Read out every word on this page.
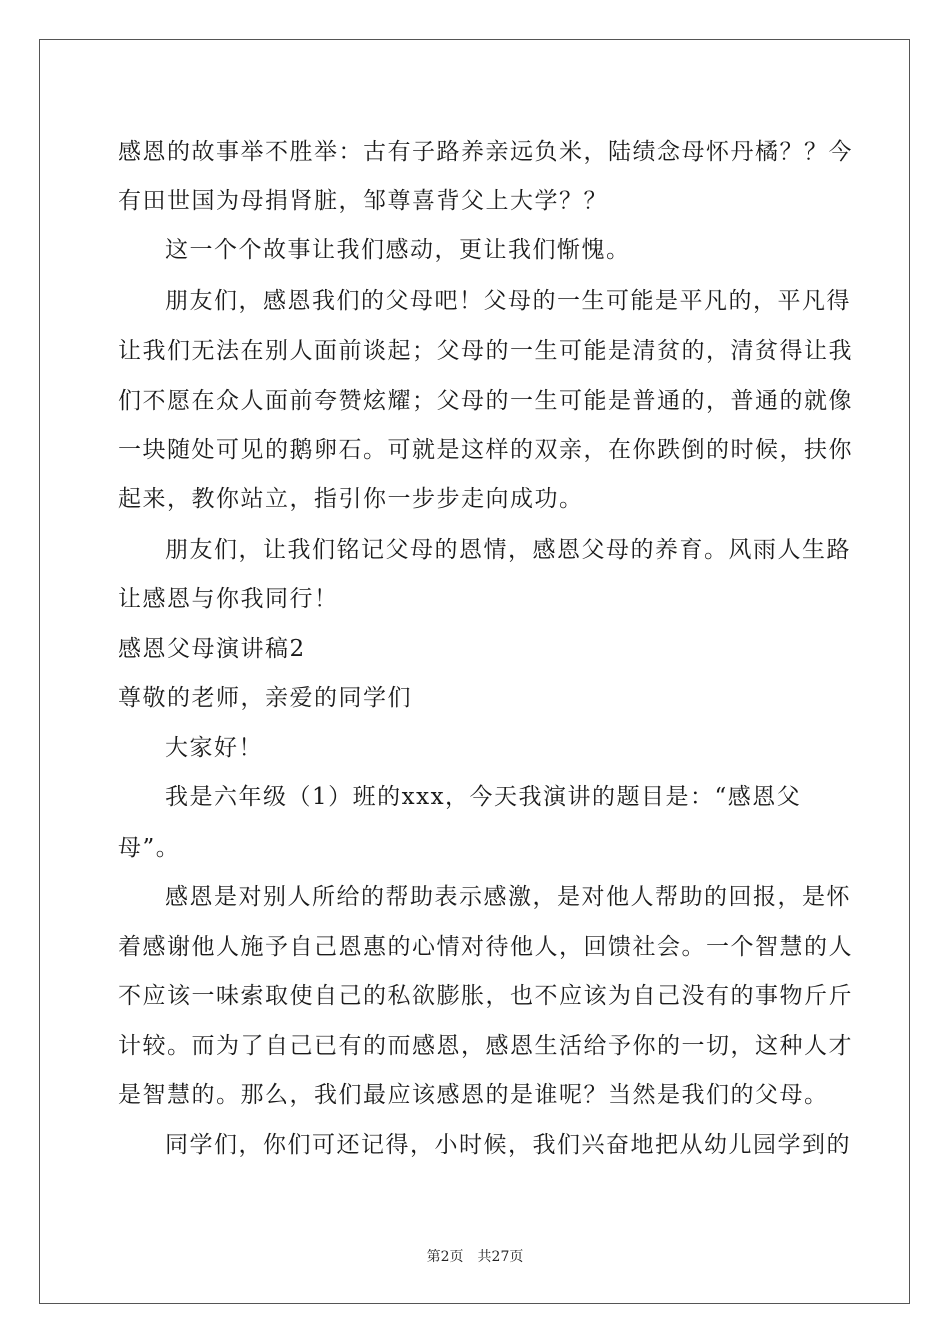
感恩的故事举不胜举：古有子路养亲远负米，陆绩念母怀丹橘？？今
有田世国为母捐肾脏，邹尊喜背父上大学？？
这一个个故事让我们感动，更让我们惭愧。
朋友们，感恩我们的父母吧！父母的一生可能是平凡的，平凡得
让我们无法在别人面前谈起；父母的一生可能是清贫的，清贫得让我
们不愿在众人面前夸赞炫耀；父母的一生可能是普通的，普通的就像
一块随处可见的鹅卵石。可就是这样的双亲，在你跌倒的时候，扶你
起来，教你站立，指引你一步步走向成功。
朋友们，让我们铭记父母的恩情，感恩父母的养育。风雨人生路
让感恩与你我同行！
感恩父母演讲稿2
尊敬的老师，亲爱的同学们
大家好！
我是六年级（1）班的xxx，今天我演讲的题目是：“感恩父
母”。
感恩是对别人所给的帮助表示感激，是对他人帮助的回报，是怀
着感谢他人施予自己恩惠的心情对待他人，回馈社会。一个智慧的人
不应该一味索取使自己的私欲膨胀，也不应该为自己没有的事物斤斤
计较。而为了自己已有的而感恩，感恩生活给予你的一切，这种人才
是智慧的。那么，我们最应该感恩的是谁呢？当然是我们的父母。
同学们，你们可还记得，小时候，我们兴奋地把从幼儿园学到的
第2页　共27页
